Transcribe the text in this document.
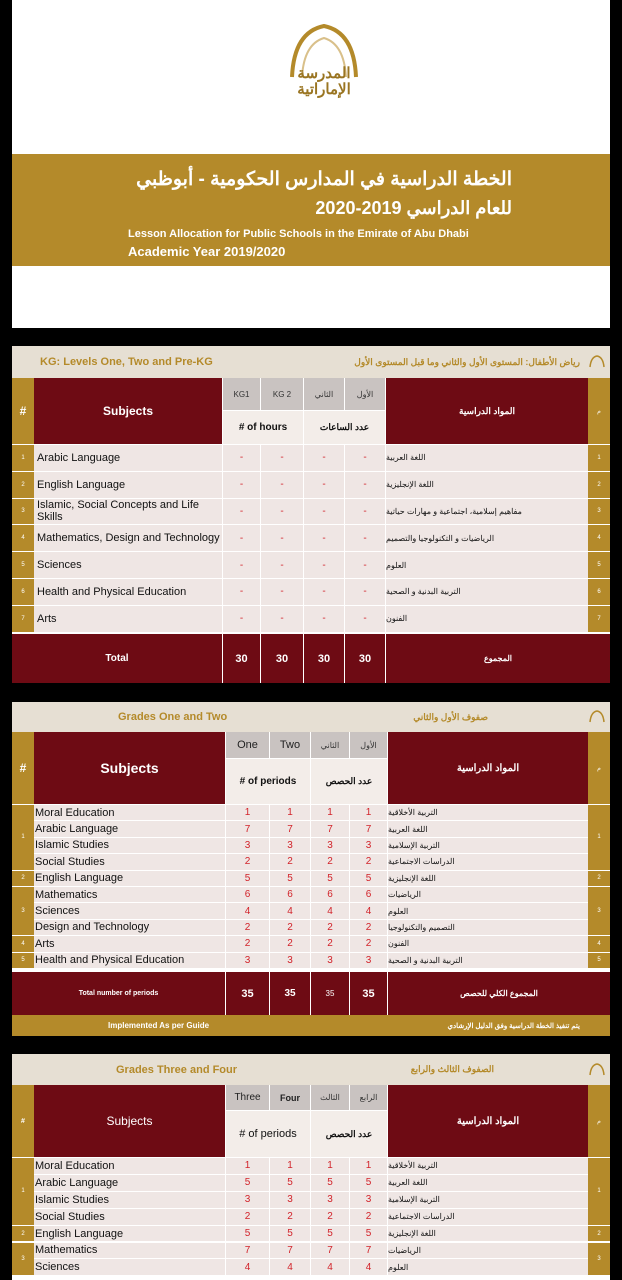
المدرسة الإماراتية
الخطة الدراسية في المدارس الحكومية - أبوظبي
للعام الدراسي 2019-2020
Lesson Allocation for Public Schools in the Emirate of Abu Dhabi
Academic Year 2019/2020
KG: Levels One, Two and Pre-KG	رياض الأطفال: المستوى الأول والثاني وما قبل المستوى الأول
#	م
Subjects	المواد الدراسية
KG1	KG 2	الثاني	الأول
# of hours	عدد الساعات
Total	المجموع
30	30	30	30
1	Arabic Language	-	-	-	-	اللغة العربية	1
2	English Language	-	-	-	-	اللغة الإنجليزية	2
3	Islamic, Social Concepts and Life Skills	-	-	-	-	مفاهيم إسلامية، اجتماعية و مهارات حياتية	3
4	Mathematics, Design and Technology	-	-	-	-	الرياضيات و التكنولوجيا والتصميم	4
5	Sciences	-	-	-	-	العلوم	5
6	Health and Physical Education	-	-	-	-	التربية البدنية و الصحية	6
7	Arts	-	-	-	-	الفنون	7
Grades One and Two	صفوف الأول والثاني
#	م
Subjects	المواد الدراسية
One	Two	الثاني	الأول
# of periods	عدد الحصص
Total number of periods	المجموع الكلي للحصص
35	35	35	35
Implemented As per Guide	يتم تنفيذ الخطة الدراسية وفق الدليل الإرشادي
1	1
Moral Education	1	1	1	1	التربية الأخلاقية
Arabic Language	7	7	7	7	اللغة العربية
Islamic Studies	3	3	3	3	التربية الإسلامية
Social Studies	2	2	2	2	الدراسات الاجتماعية
2	2
English Language	5	5	5	5	اللغة الإنجليزية
3	3
Mathematics	6	6	6	6	الرياضيات
Sciences	4	4	4	4	العلوم
Design and Technology	2	2	2	2	التصميم والتكنولوجيا
4	4
Arts	2	2	2	2	الفنون
5	5
Health and Physical Education	3	3	3	3	التربية البدنية و الصحية
Grades Three and Four	الصفوف الثالث والرابع
#	م
Subjects	المواد الدراسية
Three	Four	الثالث	الرابع
# of periods	عدد الحصص
1	1
Moral Education	1	1	1	1	التربية الأخلاقية
Arabic Language	5	5	5	5	اللغة العربية
Islamic Studies	3	3	3	3	التربية الإسلامية
Social Studies	2	2	2	2	الدراسات الاجتماعية
2	2
English Language	5	5	5	5	اللغة الإنجليزية
3	3
Mathematics	7	7	7	7	الرياضيات
Sciences	4	4	4	4	العلوم
